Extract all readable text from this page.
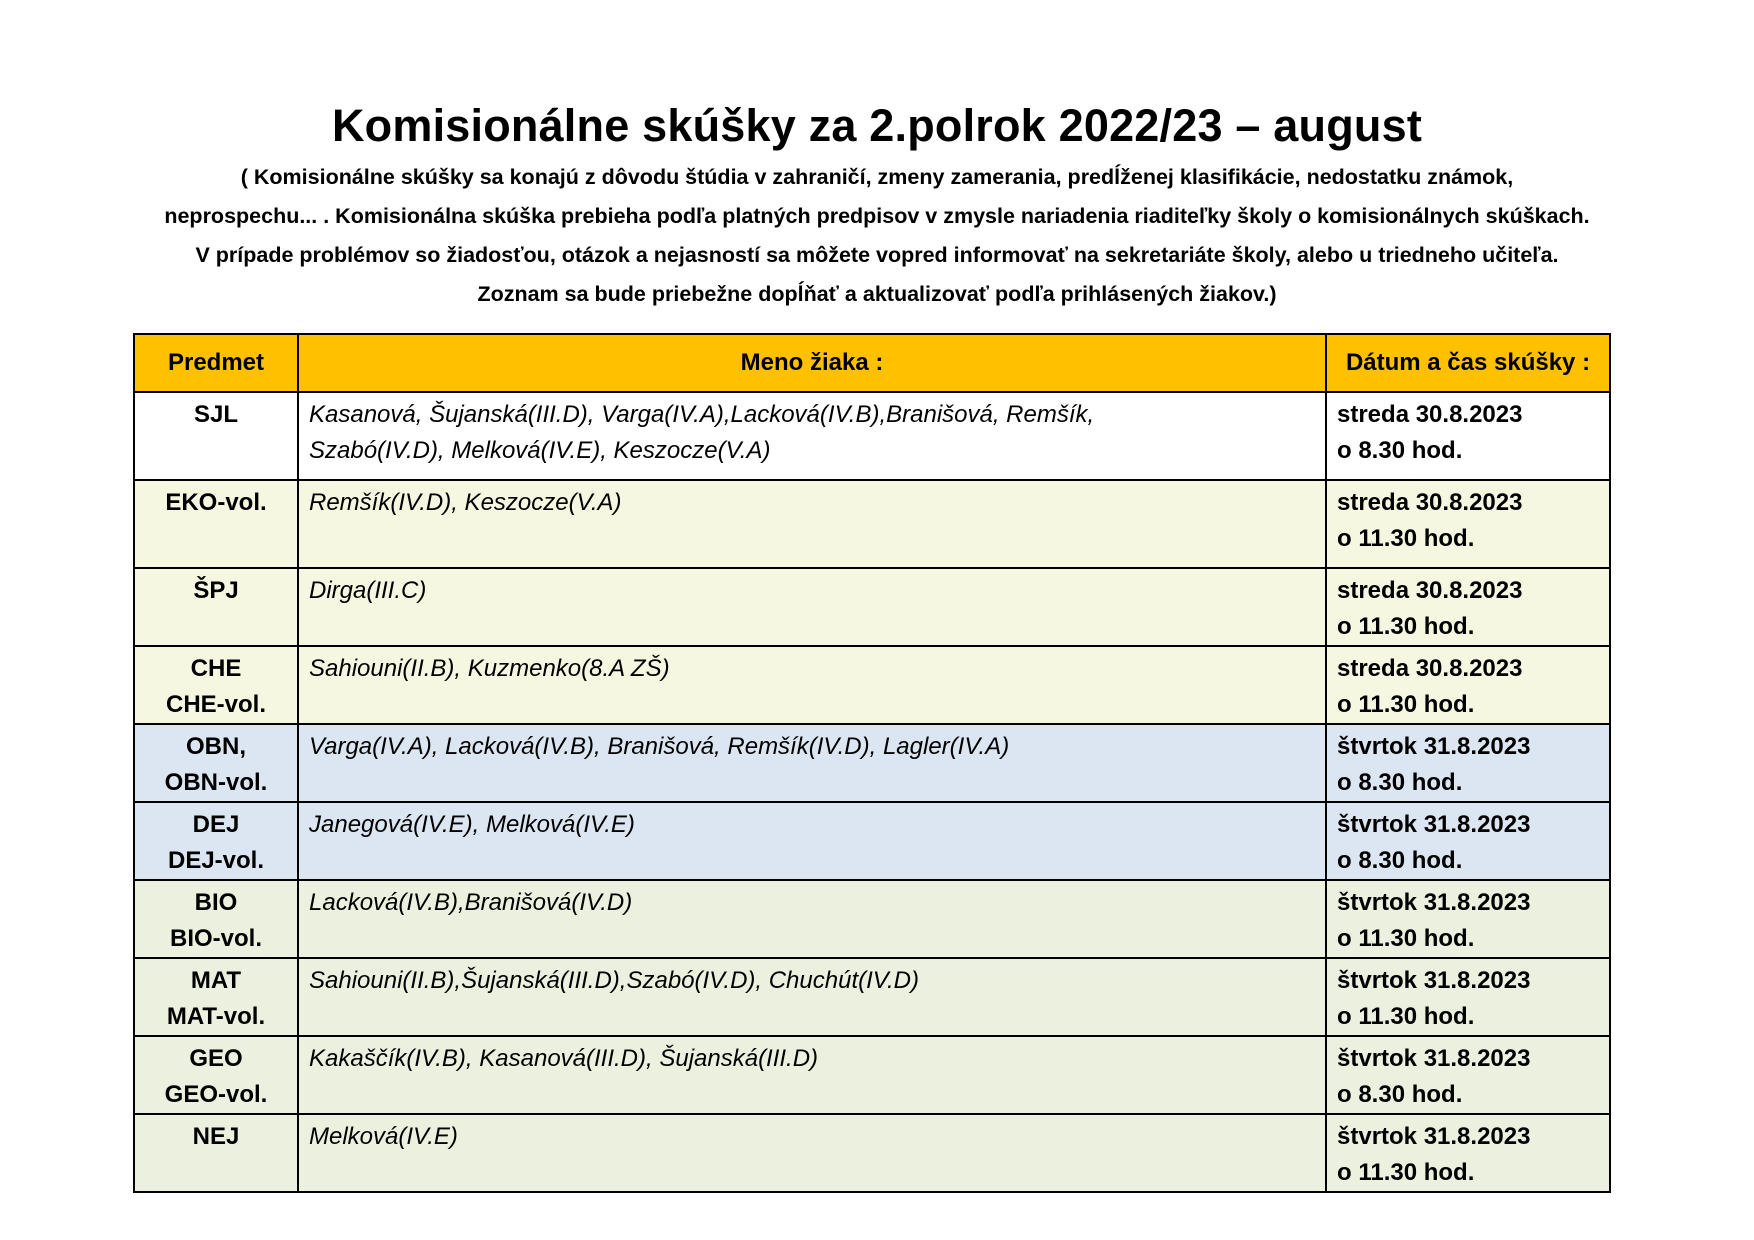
Komisionálne skúšky za 2.polrok 2022/23 – august
( Komisionálne skúšky sa konajú z dôvodu štúdia v zahraničí, zmeny zamerania, predĺženej klasifikácie, nedostatku známok,
neprospechu... . Komisionálna skúška prebieha podľa platných predpisov v zmysle nariadenia riaditeľky školy o komisionálnych skúškach.
V prípade problémov so žiadosťou, otázok a nejasností sa môžete vopred informovať na sekretariáte školy, alebo u triedneho učiteľa.
Zoznam sa bude priebežne dopĺňať a aktualizovať podľa prihlásených žiakov.)
Predmet	Meno žiaka :	Dátum a čas skúšky :

SJL	Kasanová, Šujanská(III.D), Varga(IV.A),Lacková(IV.B),Branišová, Remšík,
Szabó(IV.D), Melková(IV.E), Keszocze(V.A)	streda 30.8.2023
o 8.30 hod.

EKO-vol.	Remšík(IV.D), Keszocze(V.A)	streda 30.8.2023
o 11.30 hod.

ŠPJ	Dirga(III.C)	streda 30.8.2023
o 11.30 hod.

CHE
CHE-vol.	Sahiouni(II.B), Kuzmenko(8.A ZŠ)	streda 30.8.2023
o 11.30 hod.

OBN,
OBN-vol.	Varga(IV.A), Lacková(IV.B), Branišová, Remšík(IV.D), Lagler(IV.A)	štvrtok 31.8.2023
o 8.30 hod.

DEJ
DEJ-vol.	Janegová(IV.E), Melková(IV.E)	štvrtok 31.8.2023
o 8.30 hod.

BIO
BIO-vol.	Lacková(IV.B),Branišová(IV.D)	štvrtok 31.8.2023
o 11.30 hod.

MAT
MAT-vol.	Sahiouni(II.B),Šujanská(III.D),Szabó(IV.D), Chuchút(IV.D)	štvrtok 31.8.2023
o 11.30 hod.

GEO
GEO-vol.	Kakaščík(IV.B), Kasanová(III.D), Šujanská(III.D)	štvrtok 31.8.2023
o 8.30 hod.

NEJ	Melková(IV.E)	štvrtok 31.8.2023
o 11.30 hod.
